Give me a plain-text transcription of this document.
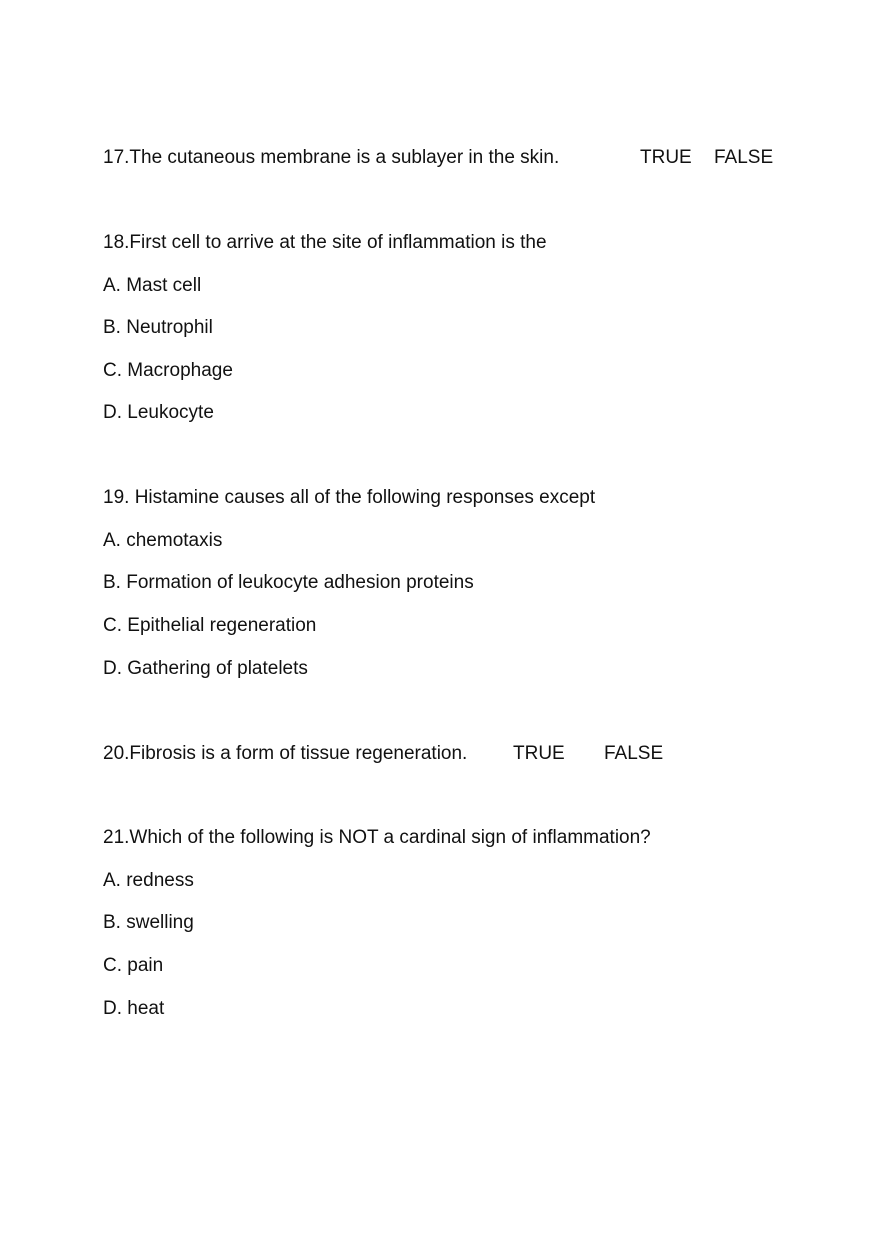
17.The cutaneous membrane is a sublayer in the skin.	TRUE FALSE
18.First cell to arrive at the site of inflammation is the
A. Mast cell
B. Neutrophil
C. Macrophage
D. Leukocyte
19. Histamine causes all of the following responses except
A. chemotaxis
B. Formation of leukocyte adhesion proteins
C. Epithelial regeneration
D. Gathering of platelets
20.Fibrosis is a form of tissue regeneration. TRUE FALSE
21.Which of the following is NOT a cardinal sign of inflammation?
A. redness
B. swelling
C. pain
D. heat
